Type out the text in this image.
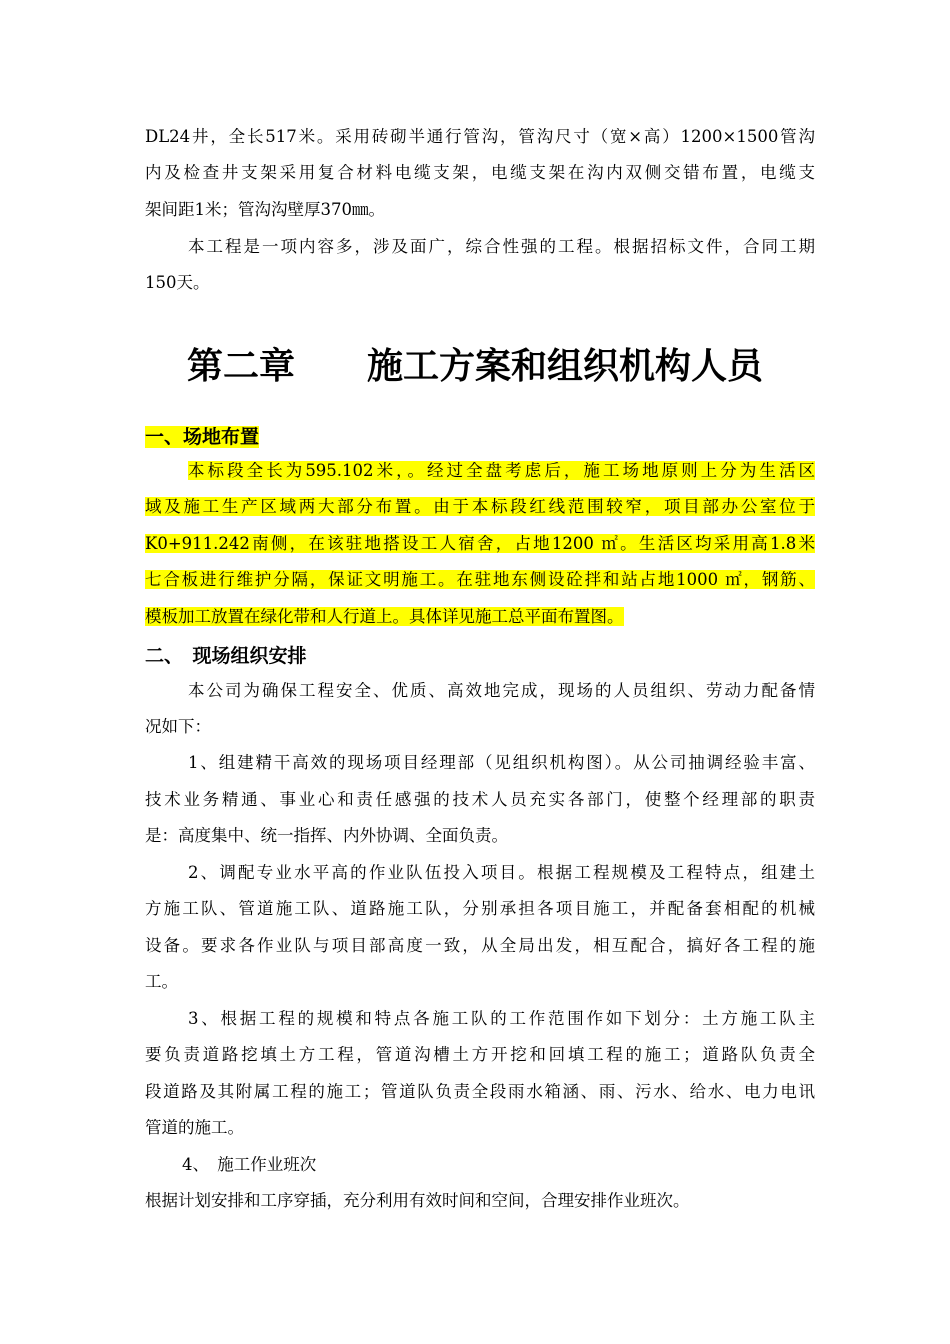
DL24井，全长517米。采用砖砌半通行管沟，管沟尺寸（宽×高）1200×1500管沟
内及检查井支架采用复合材料电缆支架，电缆支架在沟内双侧交错布置，电缆支
架间距1米；管沟沟壁厚370㎜。
本工程是一项内容多，涉及面广，综合性强的工程。根据招标文件，合同工期
150天。
第二章 施工方案和组织机构人员
一、场地布置
本标段全长为595.102米，。经过全盘考虑后，施工场地原则上分为生活区
域及施工生产区域两大部分布置。由于本标段红线范围较窄，项目部办公室位于
K0+911.242南侧，在该驻地搭设工人宿舍，占地1200 ㎡。生活区均采用高1.8米
七合板进行维护分隔，保证文明施工。在驻地东侧设砼拌和站占地1000 ㎡，钢筋、
模板加工放置在绿化带和人行道上。具体详见施工总平面布置图。
二、　现场组织安排
本公司为确保工程安全、优质、高效地完成，现场的人员组织、劳动力配备情
况如下：
1、组建精干高效的现场项目经理部（见组织机构图）。从公司抽调经验丰富、
技术业务精通、事业心和责任感强的技术人员充实各部门，使整个经理部的职责
是：高度集中、统一指挥、内外协调、全面负责。
2、调配专业水平高的作业队伍投入项目。根据工程规模及工程特点，组建土
方施工队、管道施工队、道路施工队，分别承担各项目施工，并配备套相配的机械
设备。要求各作业队与项目部高度一致，从全局出发，相互配合，搞好各工程的施
工。
3、根据工程的规模和特点各施工队的工作范围作如下划分：土方施工队主
要负责道路挖填土方工程，管道沟槽土方开挖和回填工程的施工；道路队负责全
段道路及其附属工程的施工；管道队负责全段雨水箱涵、雨、污水、给水、电力电讯
管道的施工。
4、　施工作业班次
根据计划安排和工序穿插，充分利用有效时间和空间，合理安排作业班次。
